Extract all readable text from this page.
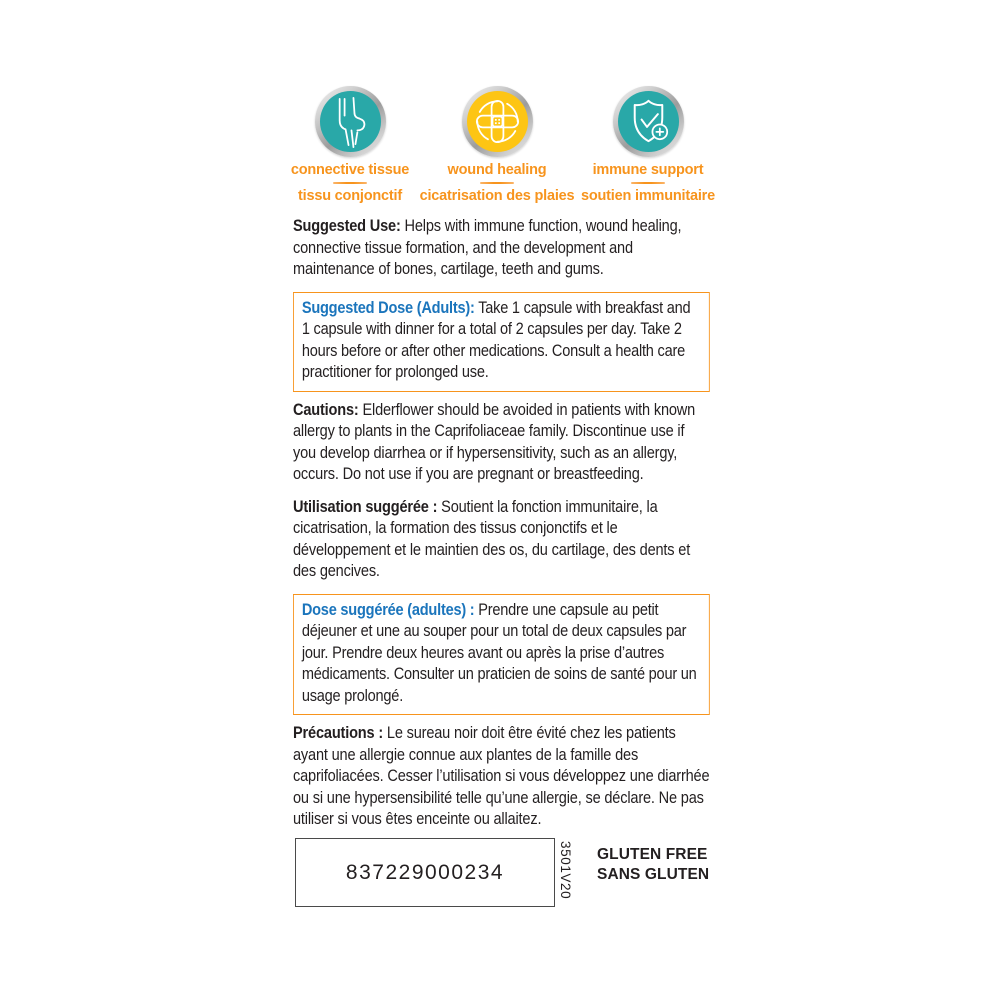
connective tissue
tissu conjonctif
wound healing
cicatrisation des plaies
immune support
soutien immunitaire

Suggested Use: Helps with immune function, wound healing, connective tissue formation, and the development and maintenance of bones, cartilage, teeth and gums.

Suggested Dose (Adults): Take 1 capsule with breakfast and 1 capsule with dinner for a total of 2 capsules per day. Take 2 hours before or after other medications. Consult a health care practitioner for prolonged use.

Cautions: Elderflower should be avoided in patients with known allergy to plants in the Caprifoliaceae family. Discontinue use if you develop diarrhea or if hypersensitivity, such as an allergy, occurs. Do not use if you are pregnant or breastfeeding.

Utilisation suggérée : Soutient la fonction immunitaire, la cicatrisation, la formation des tissus conjonctifs et le développement et le maintien des os, du cartilage, des dents et des gencives.

Dose suggérée (adultes) : Prendre une capsule au petit déjeuner et une au souper pour un total de deux capsules par jour. Prendre deux heures avant ou après la prise d’autres médicaments. Consulter un praticien de soins de santé pour un usage prolongé.

Précautions : Le sureau noir doit être évité chez les patients ayant une allergie connue aux plantes de la famille des caprifoliacées. Cesser l’utilisation si vous développez une diarrhée ou si une hypersensibilité telle qu’une allergie, se déclare. Ne pas utiliser si vous êtes enceinte ou allaitez.

837229000234	3501V20 GLUTEN FREE
SANS GLUTEN
